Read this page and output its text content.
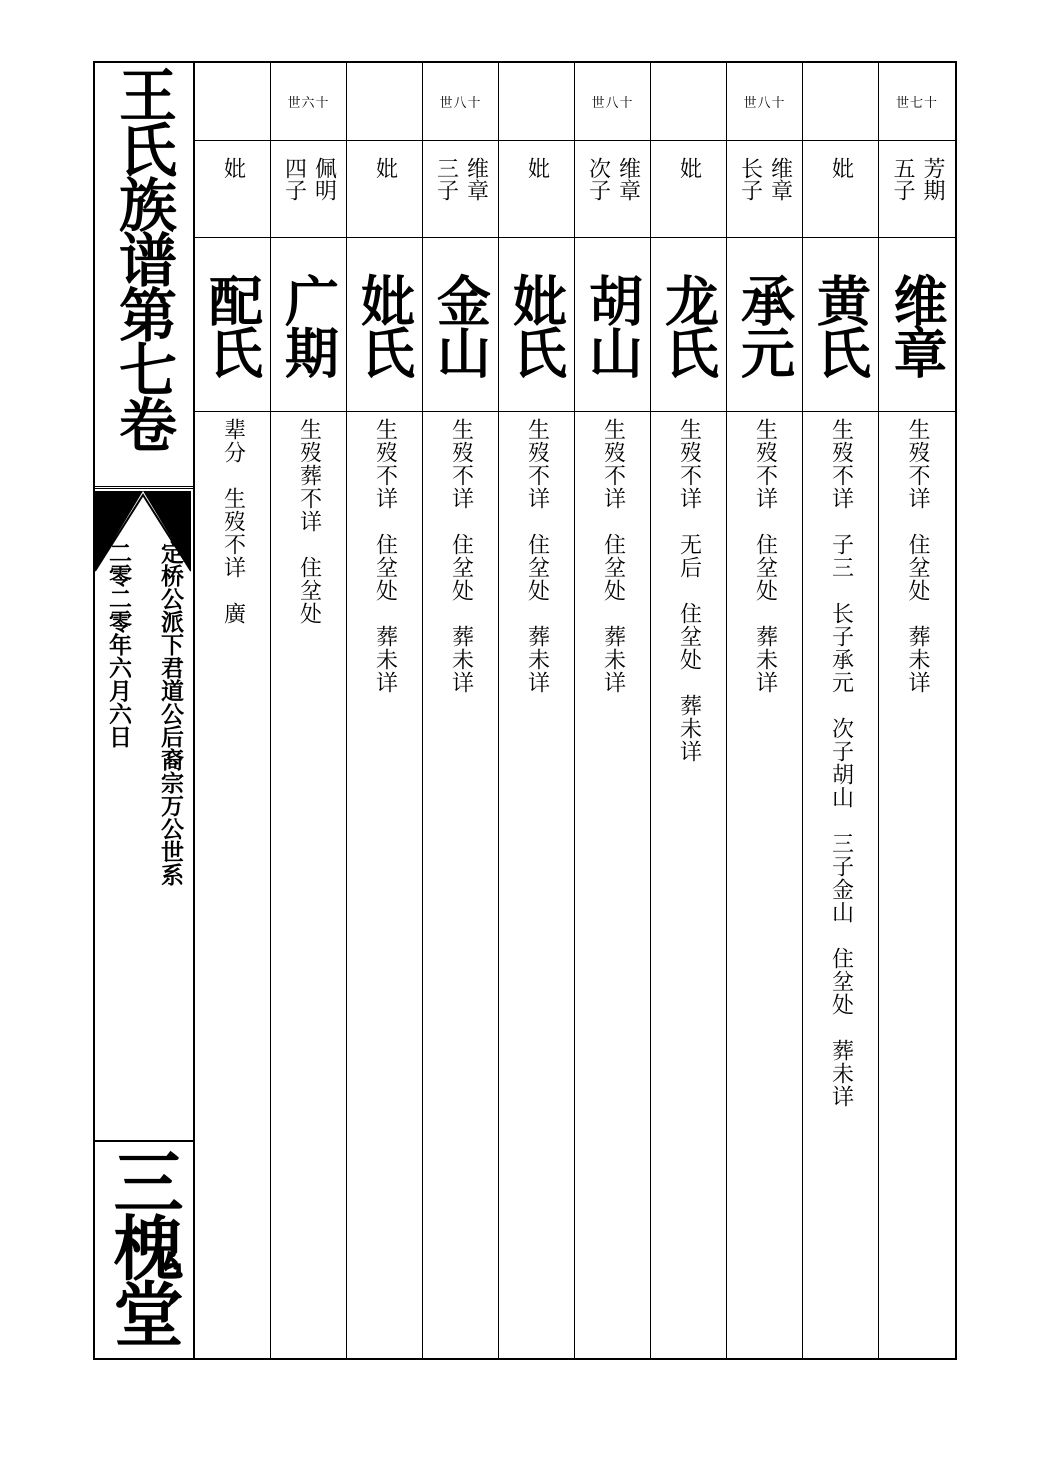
王氏族谱第七卷
定桥公派下君道公后裔宗万公世系
二零二零年六月六日
三槐堂
妣
配氏
辈分　生歿不详　廣
世六十
佩明四子
广期
生歿葬不详　住坌处
妣
妣氏
生歿不详　住坌处　葬未详
世八十
维章三子
金山
生歿不详　住坌处　葬未详
妣
妣氏
生歿不详　住坌处　葬未详
世八十
维章次子
胡山
生歿不详　住坌处　葬未详
妣
龙氏
生歿不详　无后　住坌处　葬未详
世八十
维章长子
承元
生歿不详　住坌处　葬未详
妣
黄氏
生歿不详　子三　长子承元　次子胡山　三子金山　住坌处　葬未详
世七十
芳期五子
维章
生歿不详　住坌处　葬未详
